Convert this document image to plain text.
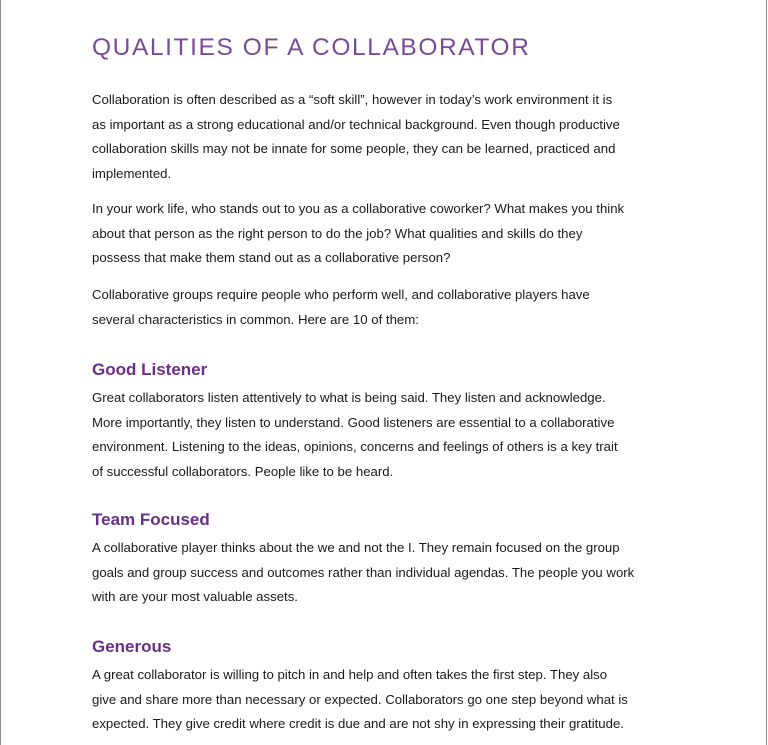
QUALITIES OF A COLLABORATOR

Collaboration is often described as a “soft skill”, however in today’s work environment it is
as important as a strong educational and/or technical background. Even though productive
collaboration skills may not be innate for some people, they can be learned, practiced and
implemented.

In your work life, who stands out to you as a collaborative coworker? What makes you think
about that person as the right person to do the job? What qualities and skills do they
possess that make them stand out as a collaborative person?

Collaborative groups require people who perform well, and collaborative players have
several characteristics in common. Here are 10 of them:

Good Listener

Great collaborators listen attentively to what is being said. They listen and acknowledge.
More importantly, they listen to understand. Good listeners are essential to a collaborative
environment. Listening to the ideas, opinions, concerns and feelings of others is a key trait
of successful collaborators. People like to be heard.

Team Focused

A collaborative player thinks about the we and not the I. They remain focused on the group
goals and group success and outcomes rather than individual agendas. The people you work
with are your most valuable assets.

Generous

A great collaborator is willing to pitch in and help and often takes the first step. They also
give and share more than necessary or expected. Collaborators go one step beyond what is
expected. They give credit where credit is due and are not shy in expressing their gratitude.
